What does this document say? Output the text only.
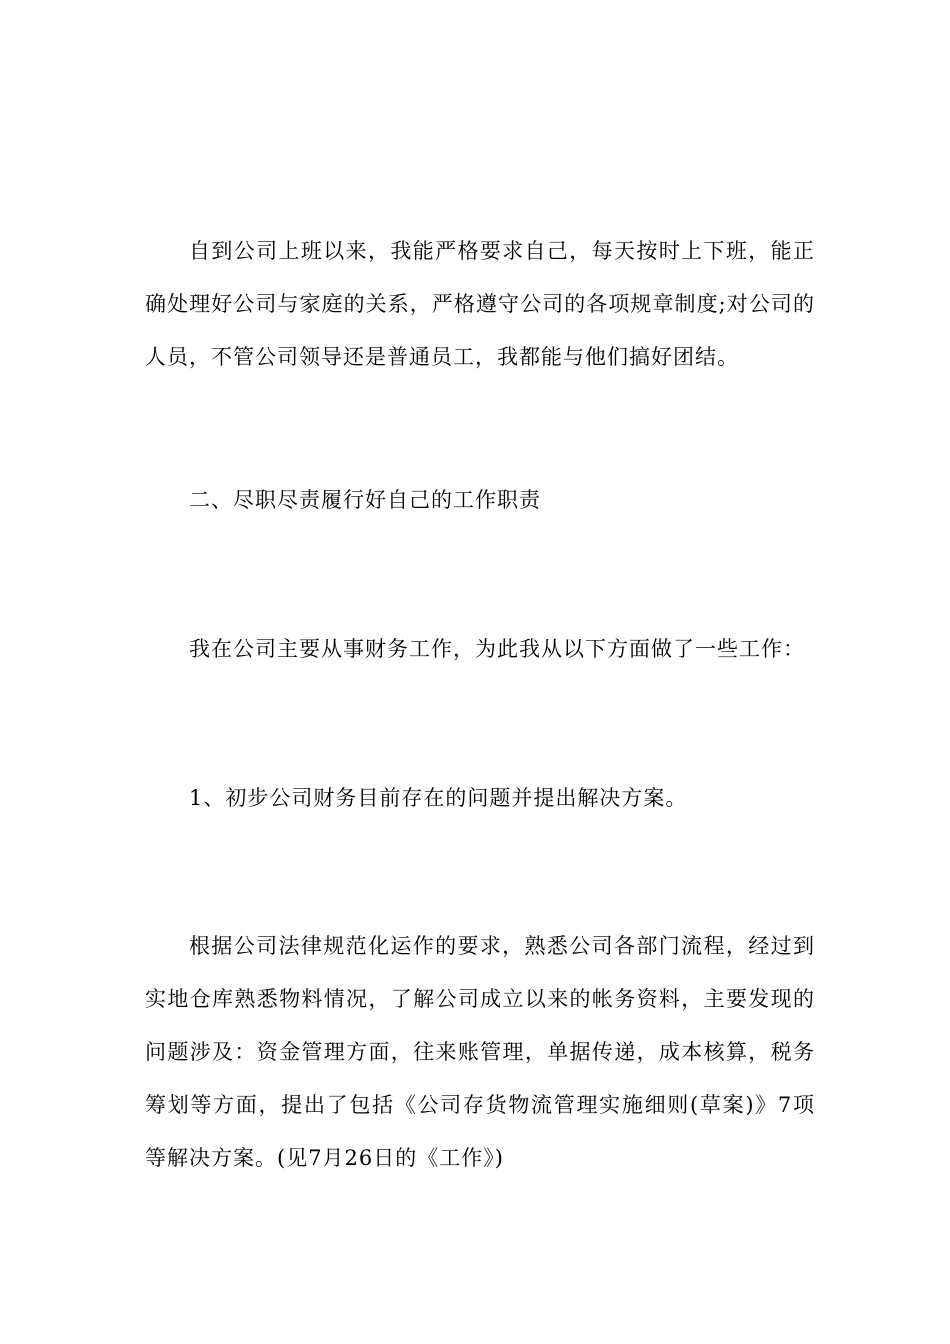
自到公司上班以来，我能严格要求自己，每天按时上下班，能正确处理好公司与家庭的关系，严格遵守公司的各项规章制度;对公司的人员，不管公司领导还是普通员工，我都能与他们搞好团结。

二、尽职尽责履行好自己的工作职责

我在公司主要从事财务工作，为此我从以下方面做了一些工作：

1、初步公司财务目前存在的问题并提出解决方案。

根据公司法律规范化运作的要求，熟悉公司各部门流程，经过到实地仓库熟悉物料情况，了解公司成立以来的帐务资料，主要发现的问题涉及：资金管理方面，往来账管理，单据传递，成本核算，税务筹划等方面，提出了包括《公司存货物流管理实施细则(草案)》7项等解决方案。(见7月26日的《工作》)
